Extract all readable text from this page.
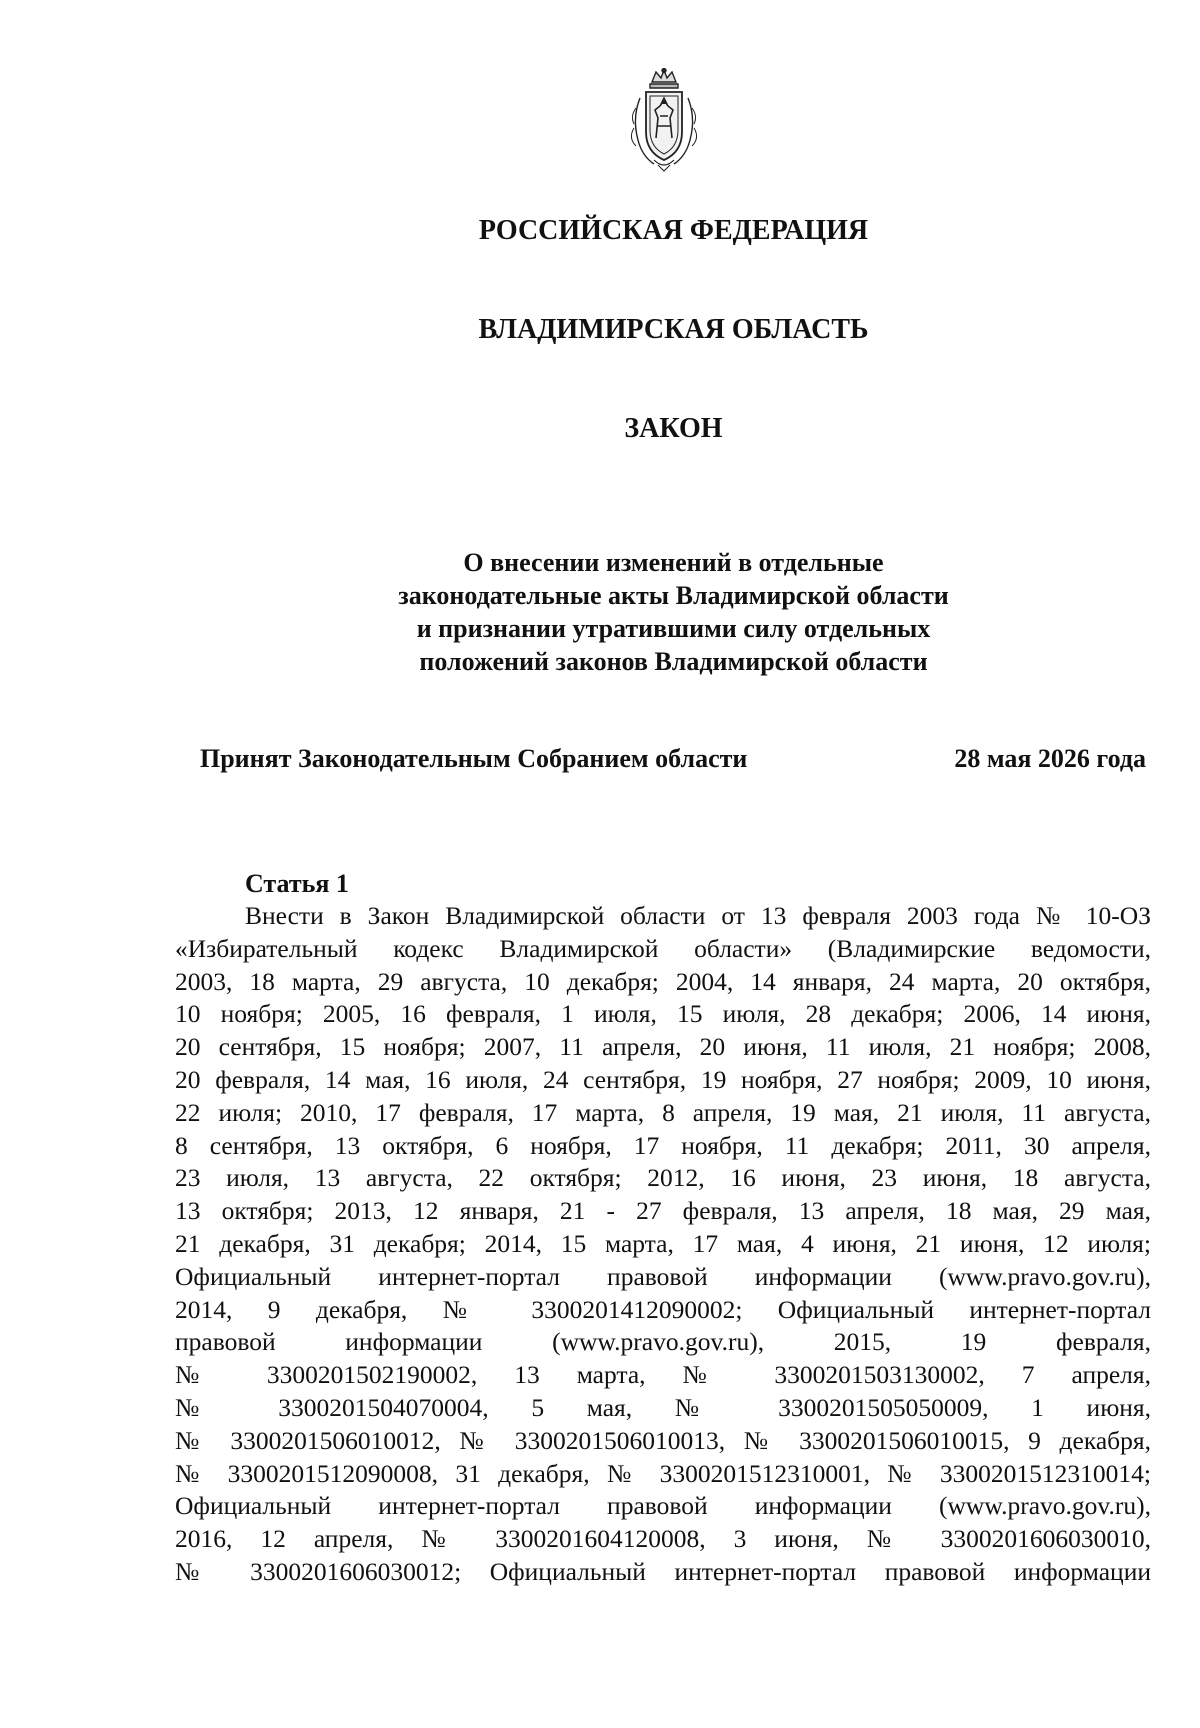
РОССИЙСКАЯ ФЕДЕРАЦИЯ
ВЛАДИМИРСКАЯ ОБЛАСТЬ
ЗАКОН
О внесении изменений в отдельные
законодательные акты Владимирской области
и признании утратившими силу отдельных
положений законов Владимирской области
Принят Законодательным Собранием области	28 мая 2026 года
Статья 1
Внести в Закон Владимирской области от 13 февраля 2003 года № 10-ОЗ
«Избирательный кодекс Владимирской области» (Владимирские ведомости,
2003, 18 марта, 29 августа, 10 декабря; 2004, 14 января, 24 марта, 20 октября,
10 ноября; 2005, 16 февраля, 1 июля, 15 июля, 28 декабря; 2006, 14 июня,
20 сентября, 15 ноября; 2007, 11 апреля, 20 июня, 11 июля, 21 ноября; 2008,
20 февраля, 14 мая, 16 июля, 24 сентября, 19 ноября, 27 ноября; 2009, 10 июня,
22 июля; 2010, 17 февраля, 17 марта, 8 апреля, 19 мая, 21 июля, 11 августа,
8 сентября, 13 октября, 6 ноября, 17 ноября, 11 декабря; 2011, 30 апреля,
23 июля, 13 августа, 22 октября; 2012, 16 июня, 23 июня, 18 августа,
13 октября; 2013, 12 января, 21 - 27 февраля, 13 апреля, 18 мая, 29 мая,
21 декабря, 31 декабря; 2014, 15 марта, 17 мая, 4 июня, 21 июня, 12 июля;
Официальный интернет-портал правовой информации (www.pravo.gov.ru),
2014, 9 декабря, № 3300201412090002; Официальный интернет-портал
правовой информации (www.pravo.gov.ru), 2015, 19 февраля,
№ 3300201502190002, 13 марта, № 3300201503130002, 7 апреля,
№ 3300201504070004, 5 мая, № 3300201505050009, 1 июня,
№ 3300201506010012, № 3300201506010013, № 3300201506010015, 9 декабря,
№ 3300201512090008, 31 декабря, № 3300201512310001, № 3300201512310014;
Официальный интернет-портал правовой информации (www.pravo.gov.ru),
2016, 12 апреля, № 3300201604120008, 3 июня, № 3300201606030010,
№ 3300201606030012; Официальный интернет-портал правовой информации
